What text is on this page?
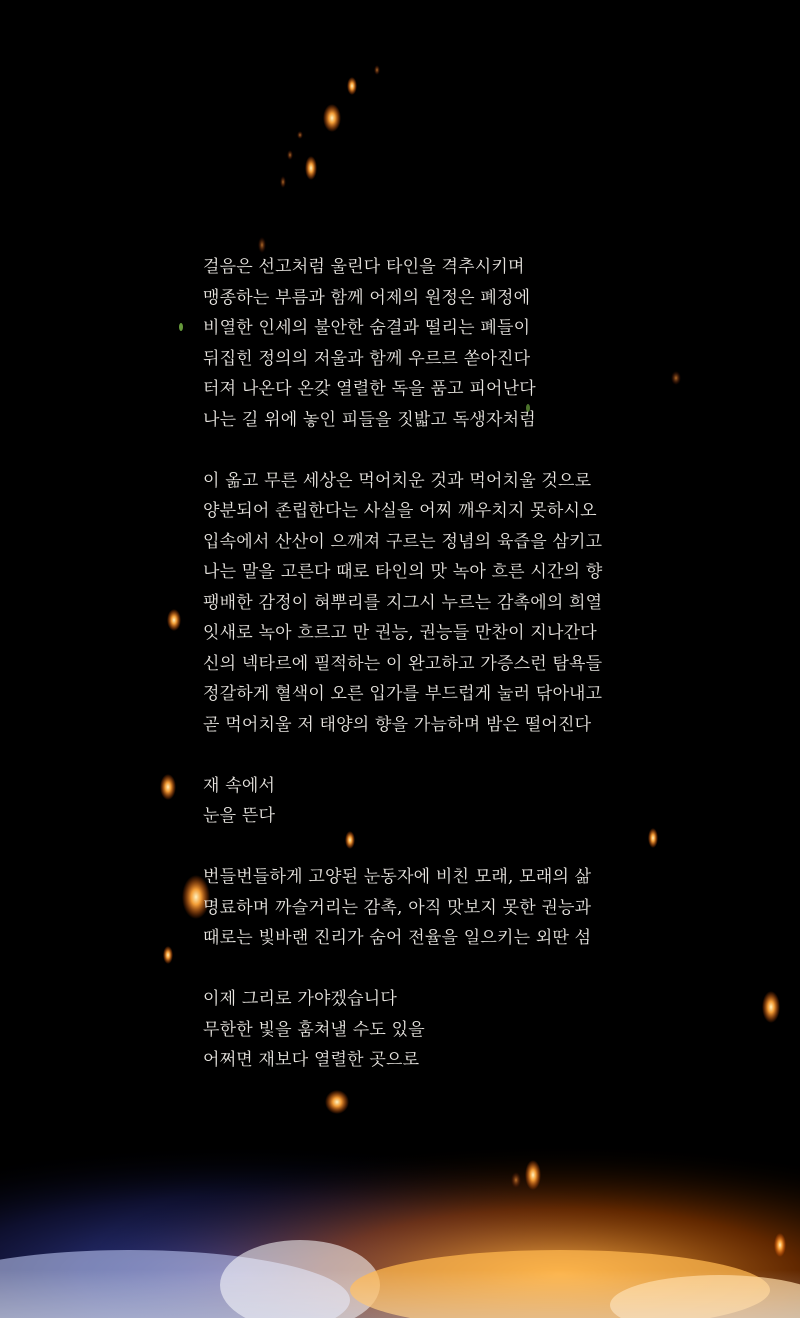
걸음은 선고처럼 울린다 타인을 격추시키며
맹종하는 부름과 함께 어제의 원정은 폐정에
비열한 인세의 불안한 숨결과 떨리는 폐들이
뒤집힌 정의의 저울과 함께 우르르 쏟아진다
터져 나온다 온갖 열렬한 독을 품고 피어난다
나는 길 위에 놓인 피들을 짓밟고 독생자처럼
이 옮고 무른 세상은 먹어치운 것과 먹어치울 것으로
양분되어 존립한다는 사실을 어찌 깨우치지 못하시오
입속에서 산산이 으깨져 구르는 정념의 육즙을 삼키고
나는 말을 고른다 때로 타인의 맛 녹아 흐른 시간의 향
팽배한 감정이 혀뿌리를 지그시 누르는 감촉에의 희열
잇새로 녹아 흐르고 만 권능, 권능들 만찬이 지나간다
신의 넥타르에 필적하는 이 완고하고 가증스런 탐욕들
정갈하게 혈색이 오른 입가를 부드럽게 눌러 닦아내고
곧 먹어치울 저 태양의 향을 가늠하며 밤은 떨어진다
재 속에서
눈을 뜬다
번들번들하게 고양된 눈동자에 비친 모래, 모래의 삶
명료하며 까슬거리는 감촉, 아직 맛보지 못한 권능과
때로는 빛바랜 진리가 숨어 전율을 일으키는 외딴 섬
이제 그리로 가야겠습니다
무한한 빛을 훔쳐낼 수도 있을
어쩌면 재보다 열렬한 곳으로
